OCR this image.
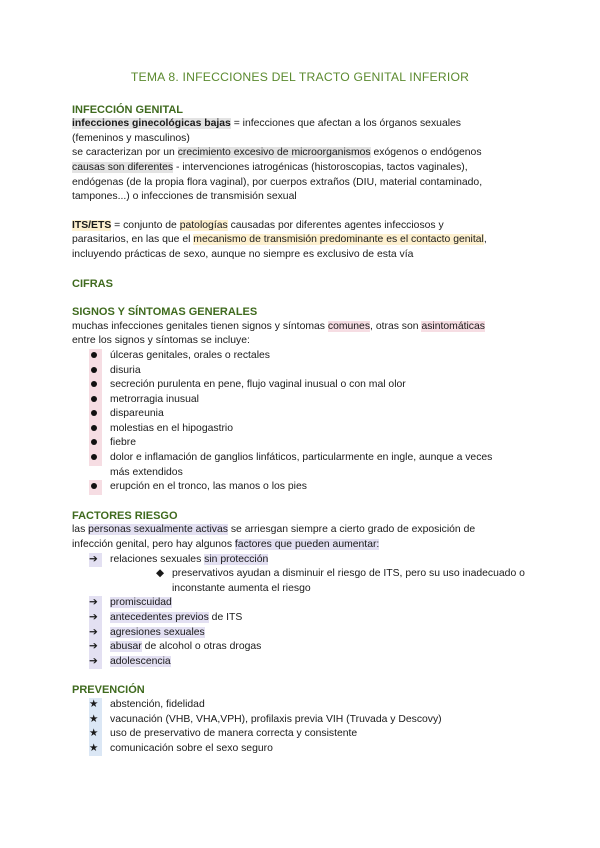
TEMA 8. INFECCIONES DEL TRACTO GENITAL INFERIOR
INFECCIÓN GENITAL

infecciones ginecológicas bajas = infecciones que afectan a los órganos sexuales

(femeninos y masculinos)

se caracterizan por un crecimiento excesivo de microorganismos exógenos o endógenos

causas son diferentes - intervenciones iatrogénicas (historoscopias, tactos vaginales),

endógenas (de la propia flora vaginal), por cuerpos extraños (DIU, material contaminado,

tampones...) o infecciones de transmisión sexual

ITS/ETS = conjunto de patologías causadas por diferentes agentes infecciosos y

parasitarios, en las que el mecanismo de transmisión predominante es el contacto genital,

incluyendo prácticas de sexo, aunque no siempre es exclusivo de esta vía

CIFRAS
SIGNOS Y SÍNTOMAS GENERALES

muchas infecciones genitales tienen signos y síntomas comunes, otras son asintomáticas

entre los signos y síntomas se incluye:

úlceras genitales, orales o rectales
disuria
secreción purulenta en pene, flujo vaginal inusual o con mal olor
metrorragia inusual
dispareunia
molestias en el hipogastrio
fiebre
dolor e inflamación de ganglios linfáticos, particularmente en ingle, aunque a veces
más extendidos
erupción en el tronco, las manos o los pies
FACTORES RIESGO

las personas sexualmente activas se arriesgan siempre a cierto grado de exposición de

infección genital, pero hay algunos factores que pueden aumentar:

➔	relaciones sexuales sin protección
◆ preservativos ayudan a disminuir el riesgo de ITS, pero su uso inadecuado o
inconstante aumenta el riesgo
➔	promiscuidad
➔	antecedentes previos de ITS
➔	agresiones sexuales
➔	abusar de alcohol o otras drogas
➔	adolescencia
PREVENCIÓN
★	abstención, fidelidad
★	vacunación (VHB, VHA,VPH), profilaxis previa VIH (Truvada y Descovy)
★	uso de preservativo de manera correcta y consistente
★	comunicación sobre el sexo seguro
